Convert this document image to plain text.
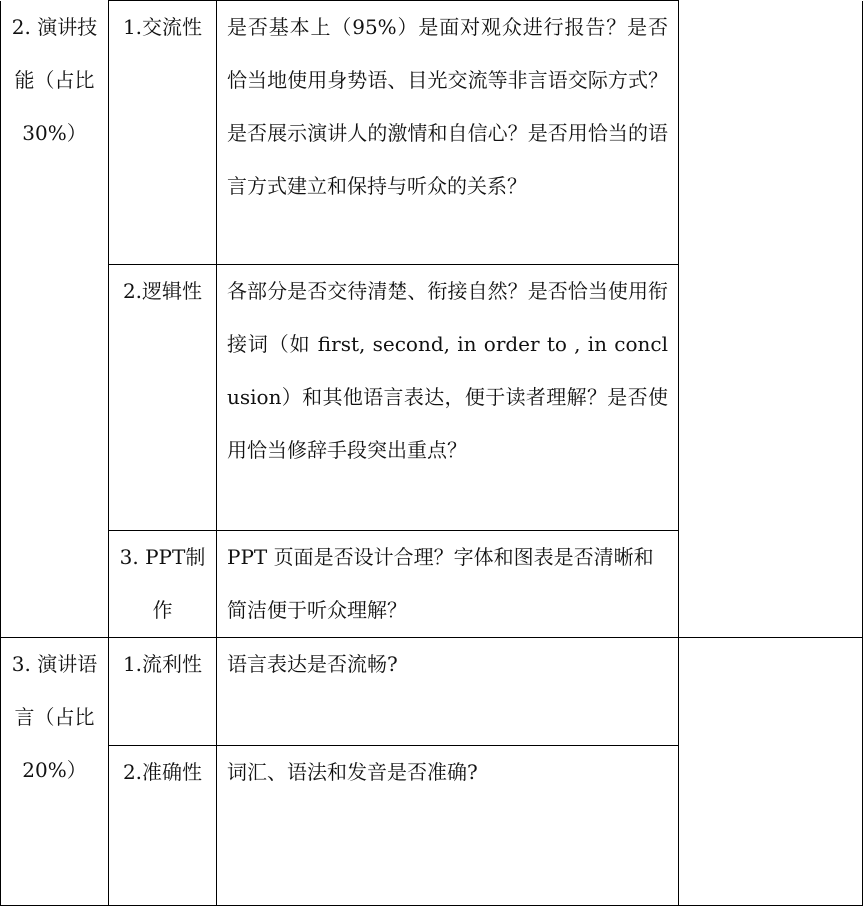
2. 演讲技能（占比30%）	1.交流性	是否基本上（95%）是面对观众进行报告？是否恰当地使用身势语、目光交流等非言语交际方式？是否展示演讲人的激情和自信心？是否用恰当的语言方式建立和保持与听众的关系？	

	2.逻辑性	各部分是否交待清楚、衔接自然？是否恰当使用衔接词（如 first, second, in order to , in conclusion）和其他语言表达，便于读者理解？是否使用恰当修辞手段突出重点？	

	3. PPT制作	PPT 页面是否设计合理？字体和图表是否清晰和简洁便于听众理解？	

3. 演讲语言（占比20%）	1.流利性	语言表达是否流畅?	

	2.准确性	词汇、语法和发音是否准确?	
